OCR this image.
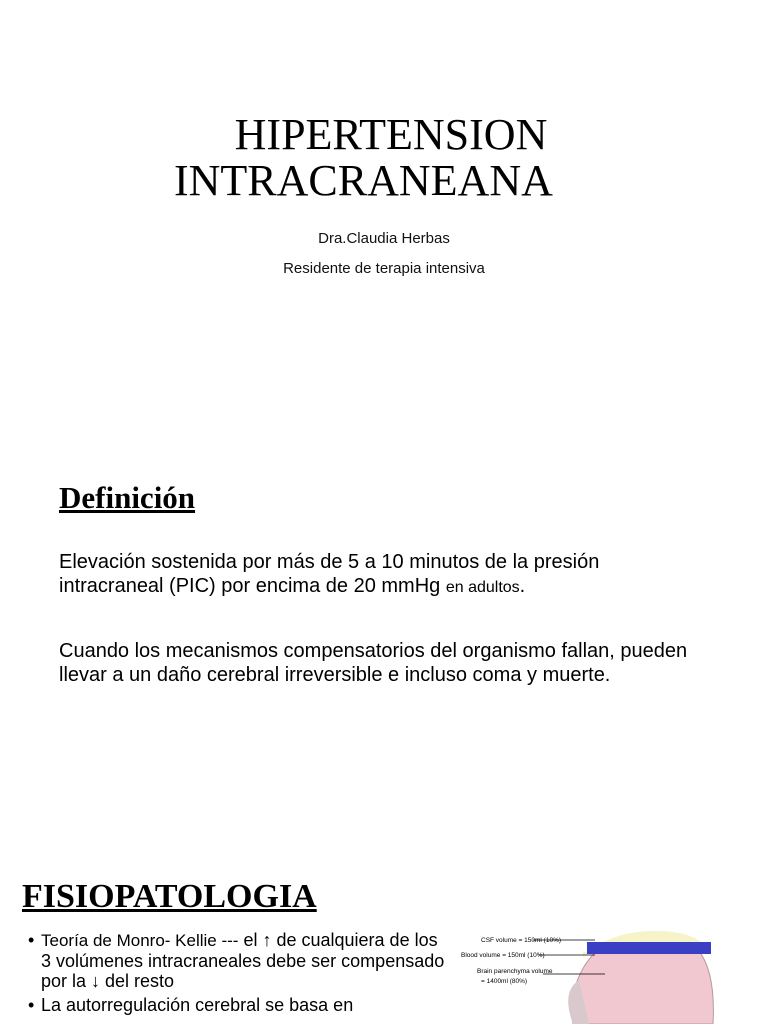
HIPERTENSION
INTRACRANEANA
Dra.Claudia Herbas
Residente de terapia intensiva
Definición
Elevación sostenida por más de 5 a 10 minutos de la presión intracraneal (PIC) por encima de 20 mmHg en adultos.
Cuando los mecanismos compensatorios del organismo fallan, pueden llevar a un daño cerebral irreversible e incluso coma y muerte.
FISIOPATOLOGIA
• Teoría de Monro- Kellie --- el ↑ de cualquiera de los 3 volúmenes intracraneales debe ser compensado por la ↓ del resto
• La autorregulación cerebral se basa en
CSF volume = 150ml (10%)
Blood volume = 150ml (10%)
Brain parenchyma volume
= 1400ml (80%)
